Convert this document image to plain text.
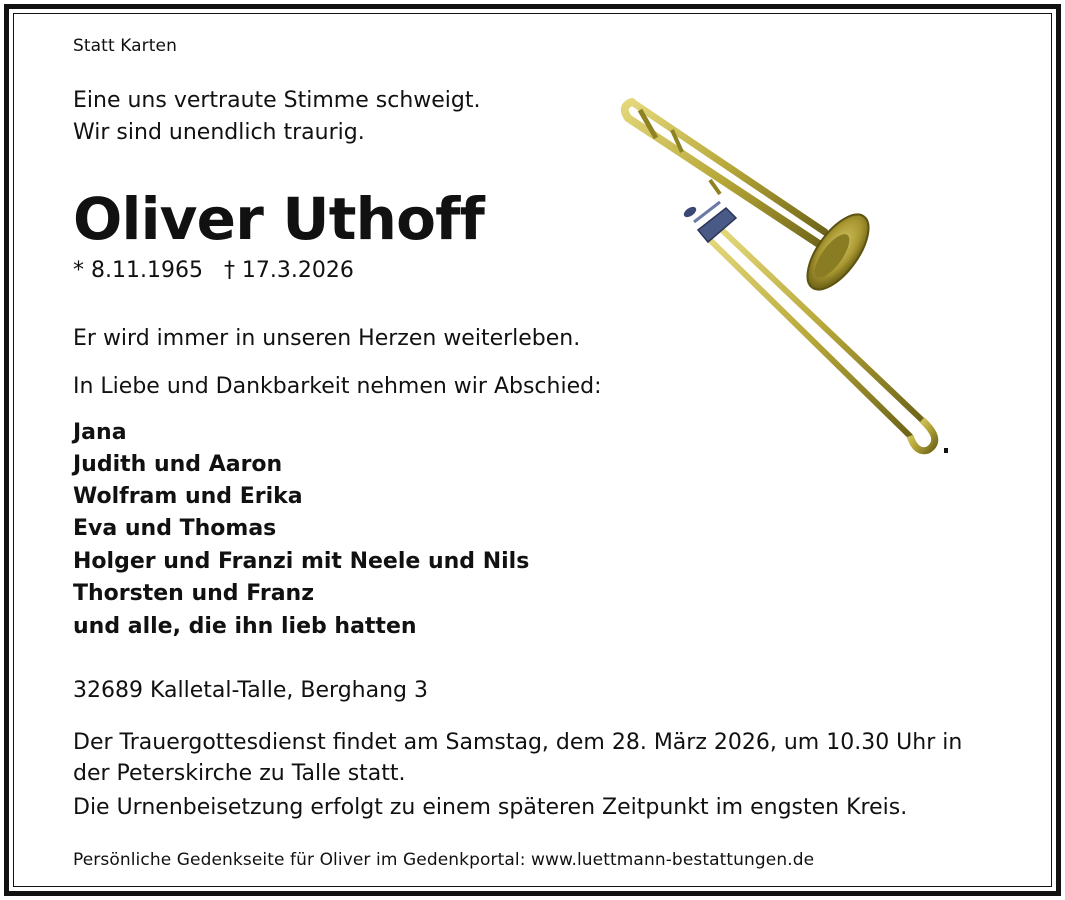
Statt Karten

Eine uns vertraute Stimme schweigt.

Wir sind unendlich traurig.

Oliver Uthoff

* 8.11.1965   † 17.3.2026

Er wird immer in unseren Herzen weiterleben.

In Liebe und Dankbarkeit nehmen wir Abschied:

Jana
Judith und Aaron
Wolfram und Erika
Eva und Thomas
Holger und Franzi mit Neele und Nils
Thorsten und Franz
und alle, die ihn lieb hatten

32689 Kalletal-Talle, Berghang 3

Der Trauergottesdienst findet am Samstag, dem 28. März 2026, um 10.30 Uhr in

der Peterskirche zu Talle statt.

Die Urnenbeisetzung erfolgt zu einem späteren Zeitpunkt im engsten Kreis.

Persönliche Gedenkseite für Oliver im Gedenkportal: www.luettmann-bestattungen.de
